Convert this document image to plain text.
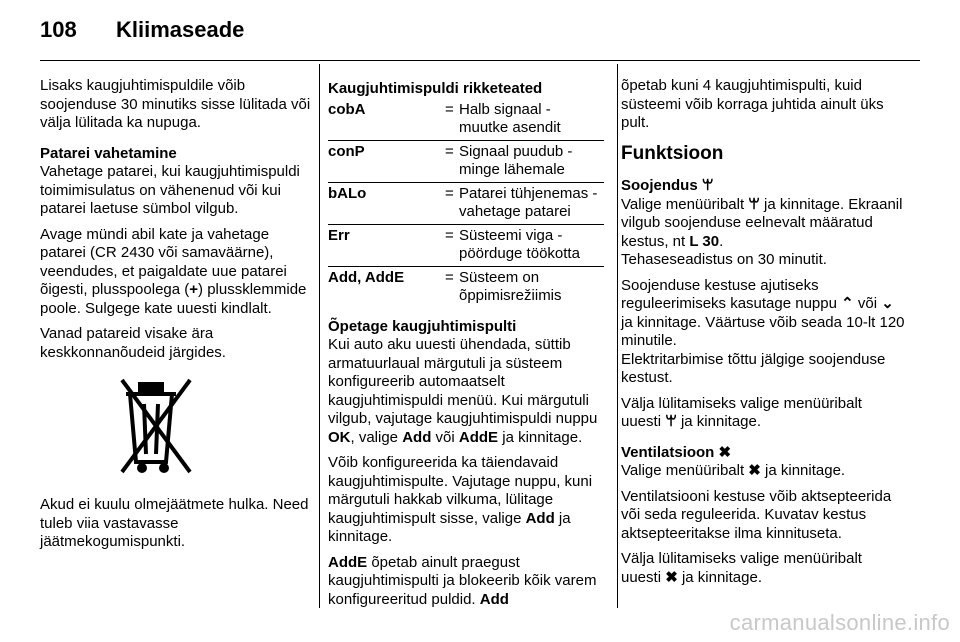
108 Kliimaseade

Lisaks kaugjuhtimispuldile võib soojenduse 30 minutiks sisse lülitada või välja lülitada ka nupuga.

Patarei vahetamine

Vahetage patarei, kui kaugjuhtimispuldi toimimisulatus on vähenenud või kui patarei laetuse sümbol vilgub.

Avage mündi abil kate ja vahetage patarei (CR 2430 või samaväärne), veendudes, et paigaldate uue patarei õigesti, plusspoolega (+) plussklemmide poole. Sulgege kate uuesti kindlalt.

Vanad patareid visake ära keskkonnanõudeid järgides.

Akud ei kuulu olmejäätmete hulka. Need tuleb viia vastavasse jäätmekogumispunkti.

Kaugjuhtimispuldi rikketeated

cobA	= Halb signaal - muutke asendit
conP	= Signaal puudub - minge lähemale
bALo	= Patarei tühjenemas - vahetage patarei
Err	= Süsteemi viga - pöörduge töökotta
Add, AddE	= Süsteem on õppimisrežiimis

Õpetage kaugjuhtimispulti

Kui auto aku uuesti ühendada, süttib armatuurlaual märgutuli ja süsteem konfigureerib automaatselt kaugjuhtimispuldi menüü. Kui märgutuli vilgub, vajutage kaugjuhtimispuldi nuppu OK, valige Add või AddE ja kinnitage.

Võib konfigureerida ka täiendavaid kaugjuhtimispulte. Vajutage nuppu, kuni märgutuli hakkab vilkuma, lülitage kaugjuhtimispult sisse, valige Add ja kinnitage.

AddE õpetab ainult praegust kaugjuhtimispulti ja blokeerib kõik varem konfigureeritud puldid. Add

õpetab kuni 4 kaugjuhtimispulti, kuid süsteemi võib korraga juhtida ainult üks pult.

Funktsioon

Soojendus ꕚ

Valige menüüribalt ꕚ ja kinnitage. Ekraanil vilgub soojenduse eelnevalt määratud kestus, nt L 30.
Tehaseseadistus on 30 minutit.

Soojenduse kestuse ajutiseks reguleerimiseks kasutage nuppu ⌃ või ⌄ ja kinnitage. Väärtuse võib seada 10-lt 120 minutile.
Elektritarbimise tõttu jälgige soojenduse kestust.

Välja lülitamiseks valige menüüribalt uuesti ꕚ ja kinnitage.

Ventilatsioon ✖

Valige menüüribalt ✖ ja kinnitage.

Ventilatsiooni kestuse võib aktsepteerida või seda reguleerida. Kuvatav kestus aktsepteeritakse ilma kinnituseta.

Välja lülitamiseks valige menüüribalt uuesti ✖ ja kinnitage.

carmanualsonline.info
